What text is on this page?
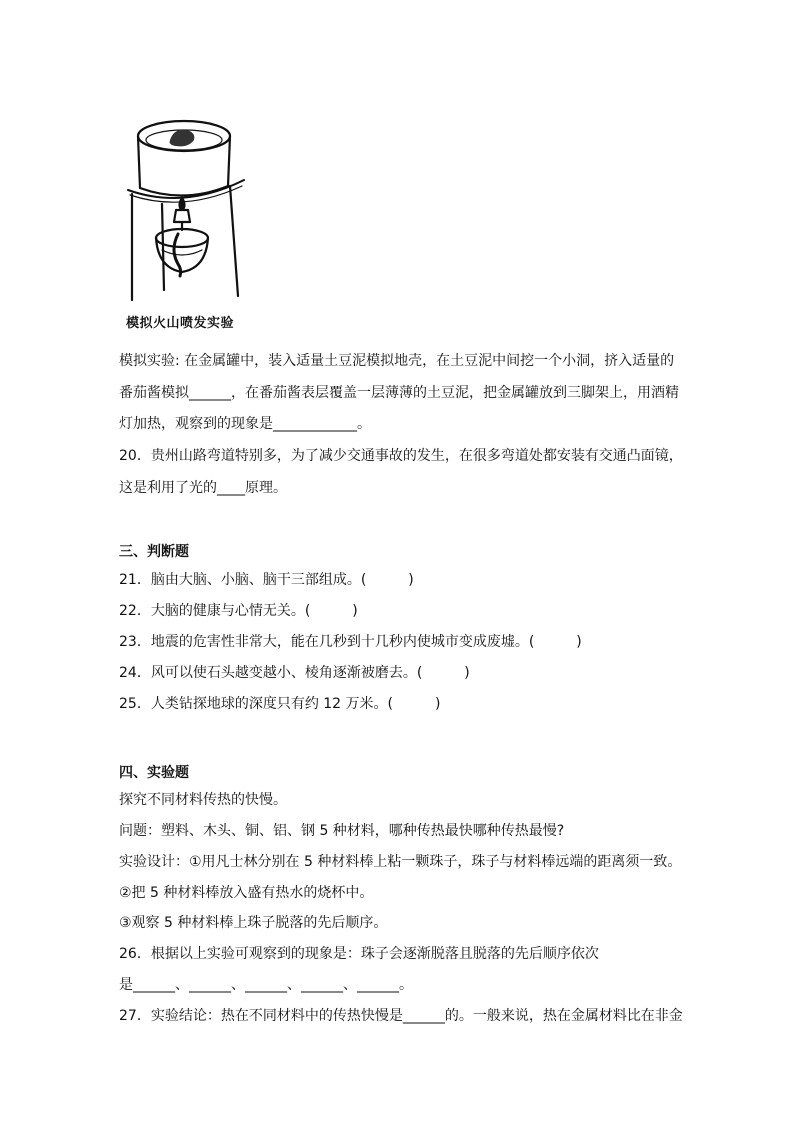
模拟火山喷发实验
模拟实验: 在金属罐中，装入适量土豆泥模拟地壳，在土豆泥中间挖一个小洞，挤入适量的
番茄酱模拟______，在番茄酱表层覆盖一层薄薄的土豆泥，把金属罐放到三脚架上，用酒精
灯加热，观察到的现象是____________。
20．贵州山路弯道特别多，为了减少交通事故的发生，在很多弯道处都安装有交通凸面镜，
这是利用了光的____原理。
三、判断题
21．脑由大脑、小脑、脑干三部组成。(　　　)
22．大脑的健康与心情无关。(　　　)
23．地震的危害性非常大，能在几秒到十几秒内使城市变成废墟。(　　　)
24．风可以使石头越变越小、棱角逐渐被磨去。(　　　)
25．人类钻探地球的深度只有约 12 万米。(　　　)
四、实验题
探究不同材料传热的快慢。
问题：塑料、木头、铜、铝、钢 5 种材料，哪种传热最快哪种传热最慢?
实验设计：①用凡士林分别在 5 种材料棒上粘一颗珠子，珠子与材料棒远端的距离须一致。
②把 5 种材料棒放入盛有热水的烧杯中。
③观察 5 种材料棒上珠子脱落的先后顺序。
26．根据以上实验可观察到的现象是：珠子会逐渐脱落且脱落的先后顺序依次
是______、______、______、______、______。
27．实验结论：热在不同材料中的传热快慢是______的。一般来说，热在金属材料比在非金
